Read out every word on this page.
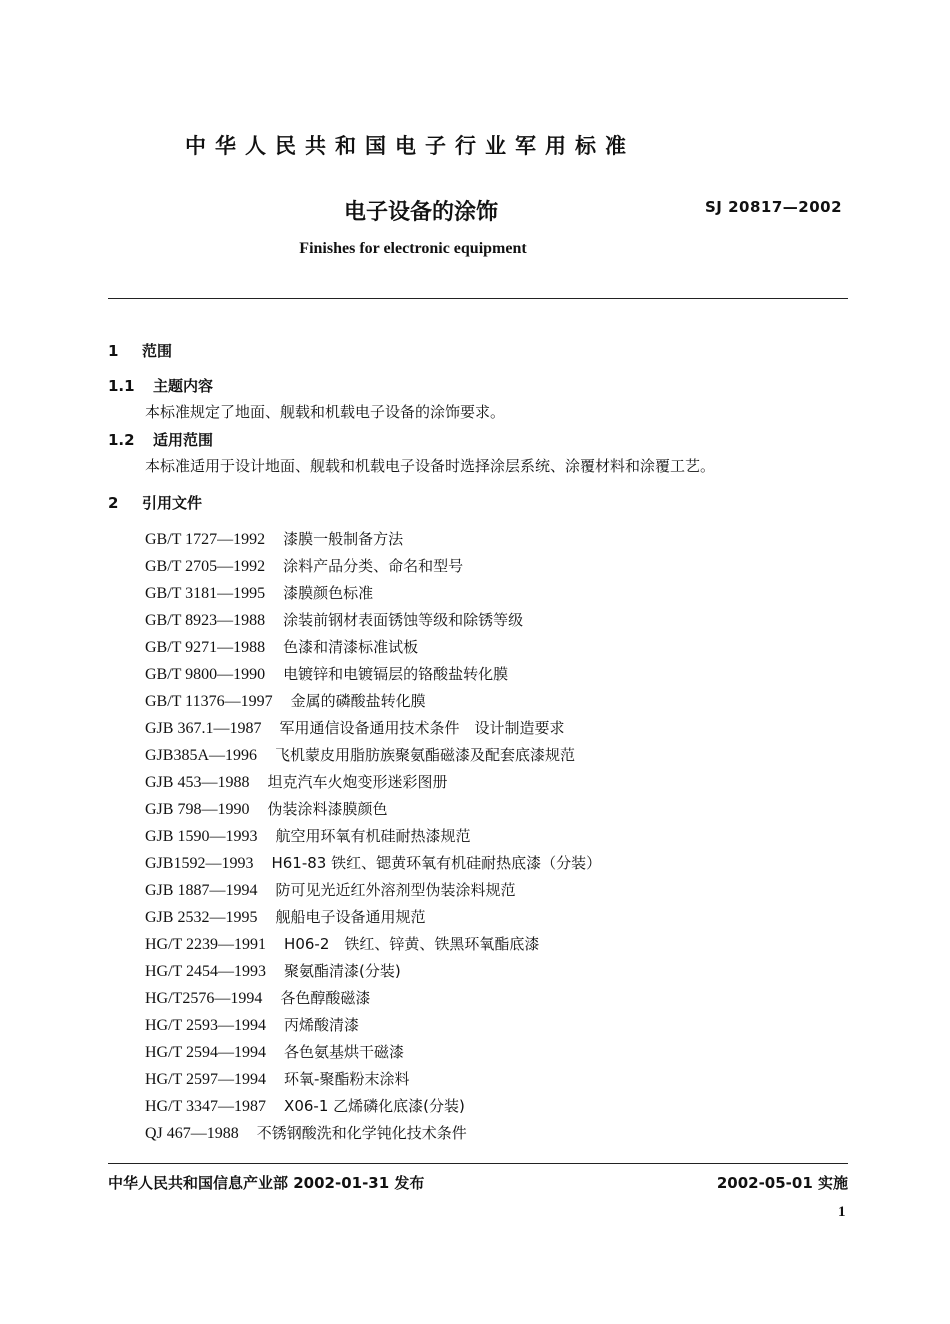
中华人民共和国电子行业军用标准
电子设备的涂饰	SJ 20817—2002
Finishes for electronic equipment
1 范围
1.1 主题内容
本标准规定了地面、舰载和机载电子设备的涂饰要求。
1.2 适用范围
本标准适用于设计地面、舰载和机载电子设备时选择涂层系统、涂覆材料和涂覆工艺。
2 引用文件
GB/T 1727—1992 漆膜一般制备方法
GB/T 2705—1992 涂料产品分类、命名和型号
GB/T 3181—1995 漆膜颜色标准
GB/T 8923—1988 涂装前钢材表面锈蚀等级和除锈等级
GB/T 9271—1988 色漆和清漆标准试板
GB/T 9800—1990 电镀锌和电镀镉层的铬酸盐转化膜
GB/T 11376—1997 金属的磷酸盐转化膜
GJB 367.1—1987 军用通信设备通用技术条件　设计制造要求
GJB385A—1996 飞机蒙皮用脂肪族聚氨酯磁漆及配套底漆规范
GJB 453—1988 坦克汽车火炮变形迷彩图册
GJB 798—1990 伪装涂料漆膜颜色
GJB 1590—1993 航空用环氧有机硅耐热漆规范
GJB1592—1993 H61-83 铁红、锶黄环氧有机硅耐热底漆（分装）
GJB 1887—1994 防可见光近红外溶剂型伪装涂料规范
GJB 2532—1995 舰船电子设备通用规范
HG/T 2239—1991 H06-2　铁红、锌黄、铁黑环氧酯底漆
HG/T 2454—1993 聚氨酯清漆(分装)
HG/T2576—1994 各色醇酸磁漆
HG/T 2593—1994 丙烯酸清漆
HG/T 2594—1994 各色氨基烘干磁漆
HG/T 2597—1994 环氧-聚酯粉末涂料
HG/T 3347—1987 X06-1 乙烯磷化底漆(分装)
QJ 467—1988 不锈钢酸洗和化学钝化技术条件
中华人民共和国信息产业部 2002-01-31 发布	2002-05-01 实施
1
